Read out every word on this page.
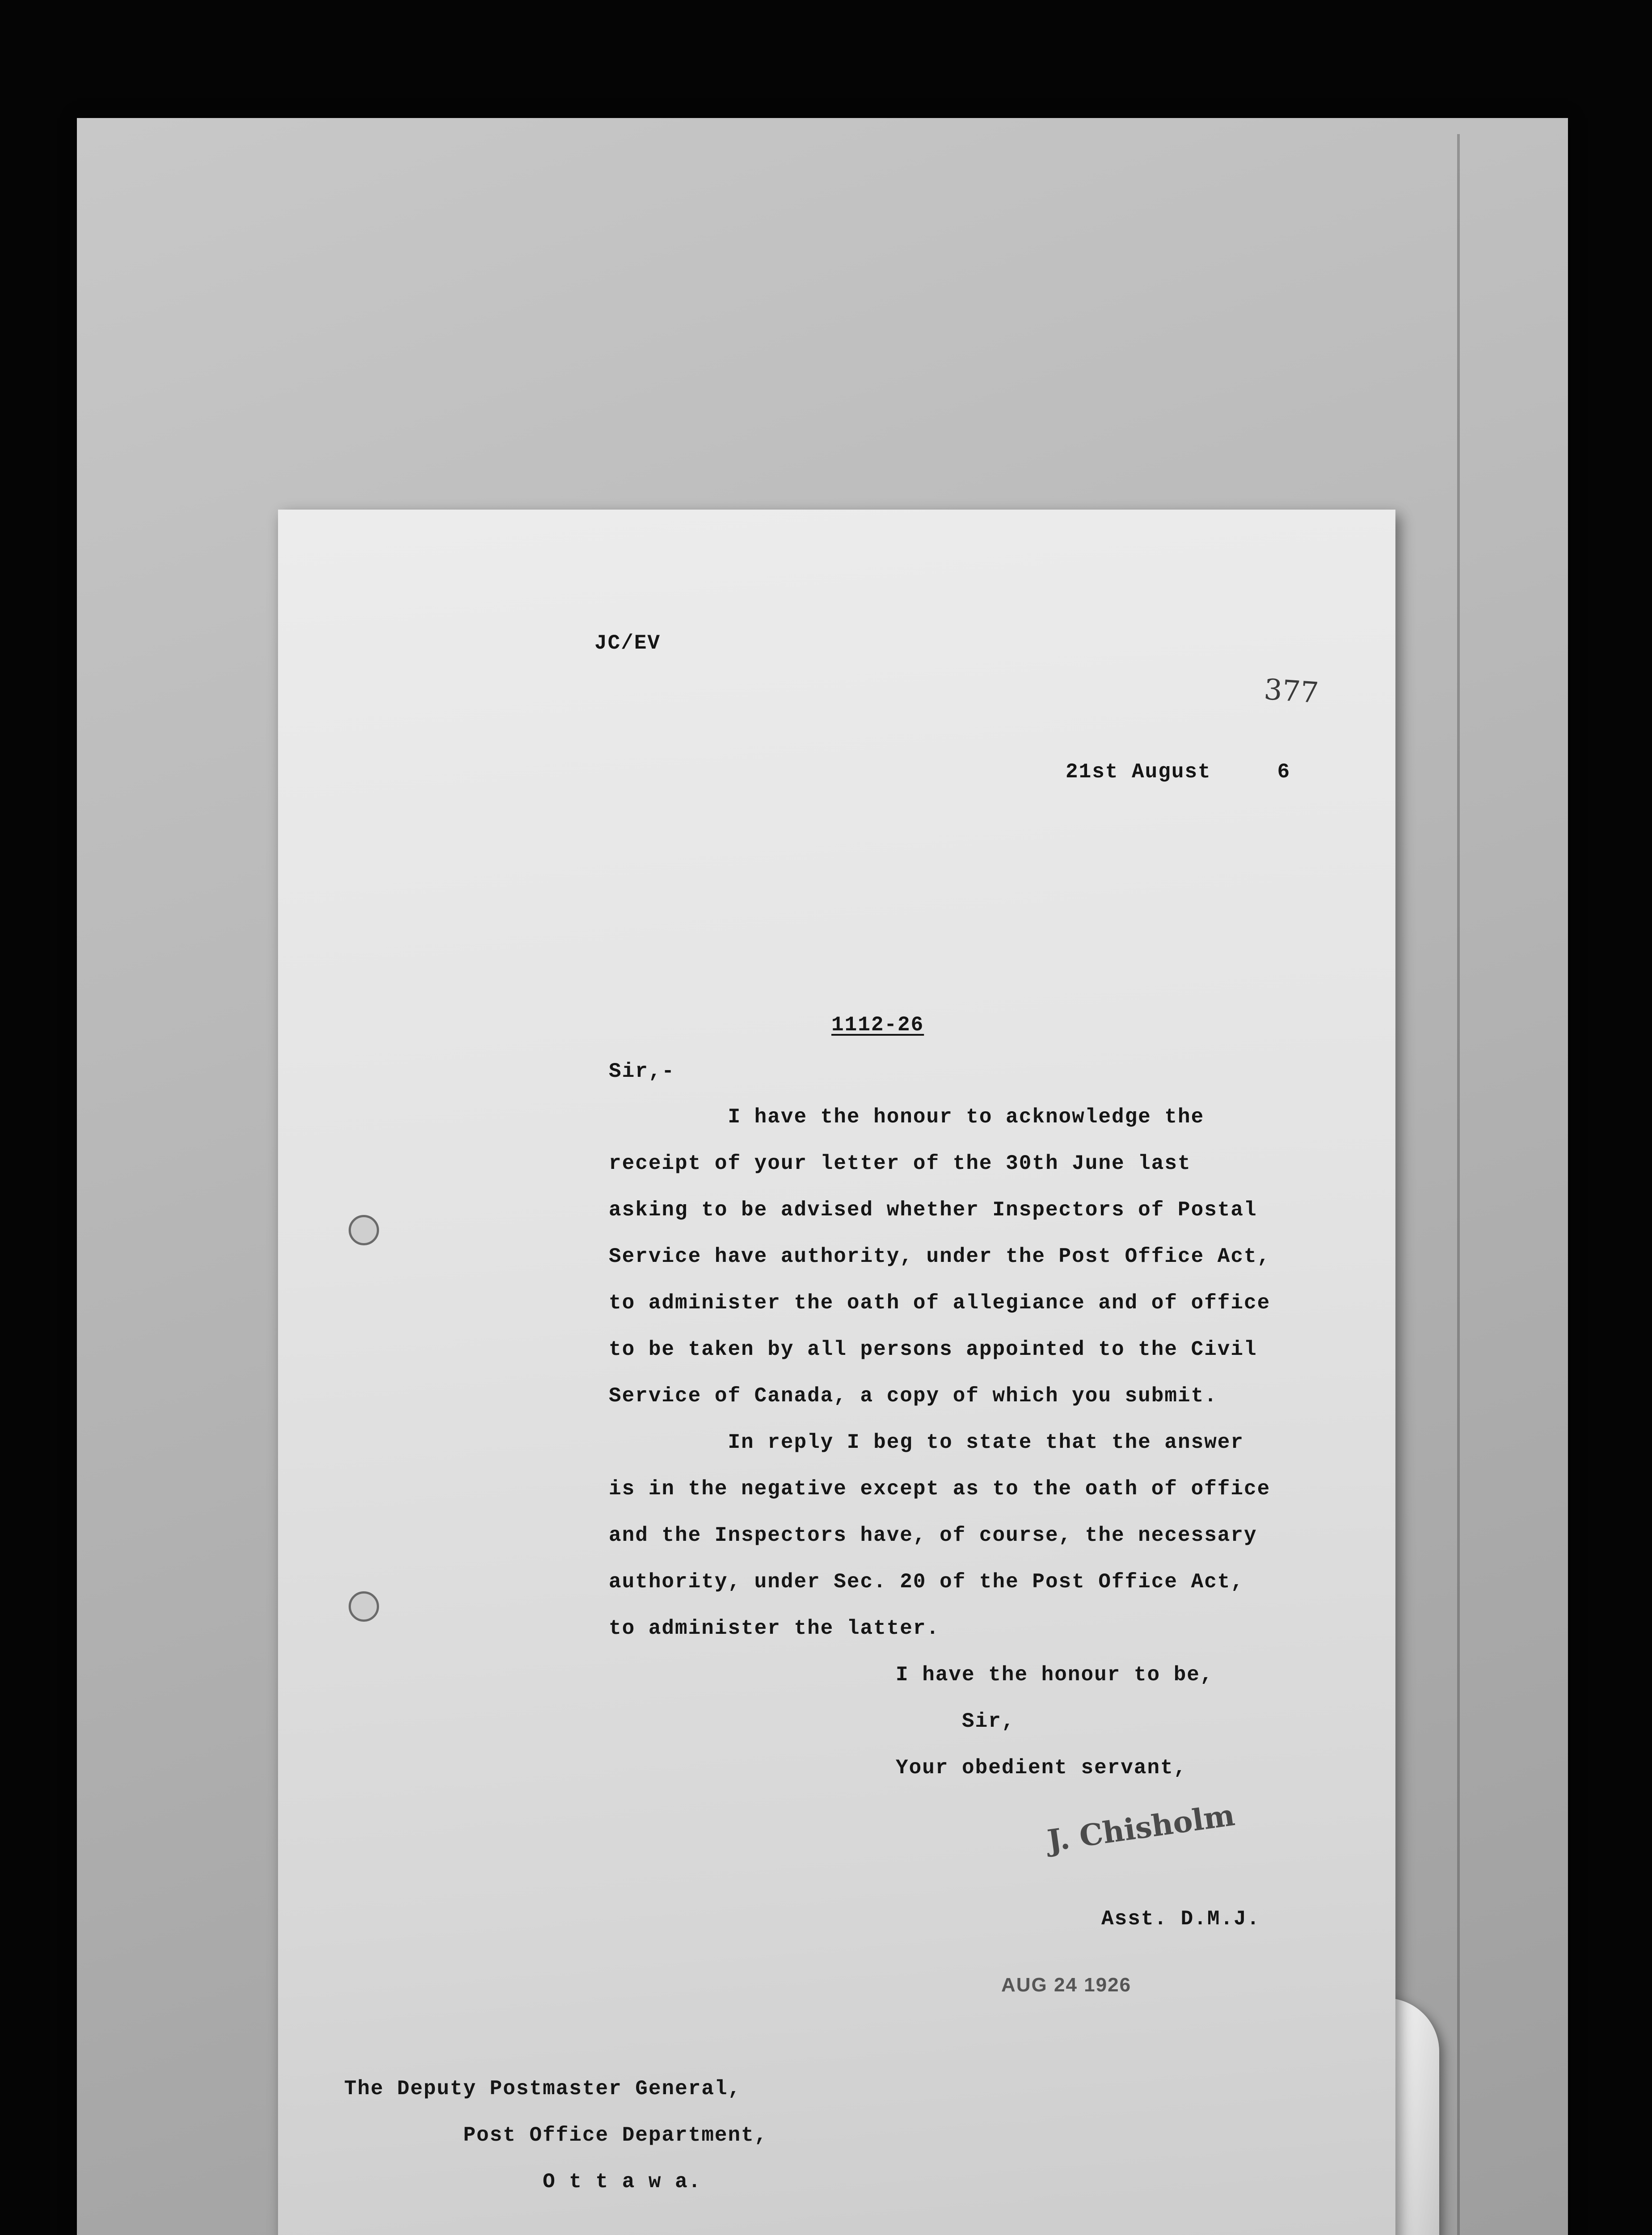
JC/EV
377
21st August     6
1112-26
Sir,-
I have the honour to acknowledge the
receipt of your letter of the 30th June last
asking to be advised whether Inspectors of Postal
Service have authority, under the Post Office Act,
to administer the oath of allegiance and of office
to be taken by all persons appointed to the Civil
Service of Canada, a copy of which you submit.
In reply I beg to state that the answer
is in the negative except as to the oath of office
and the Inspectors have, of course, the necessary
authority, under Sec. 20 of the Post Office Act,
to administer the latter.
I have the honour to be,
Sir,
Your obedient servant,
J. Chisholm
Asst. D.M.J.
AUG 24 1926
The Deputy Postmaster General,
Post Office Department,
O t t a w a.
